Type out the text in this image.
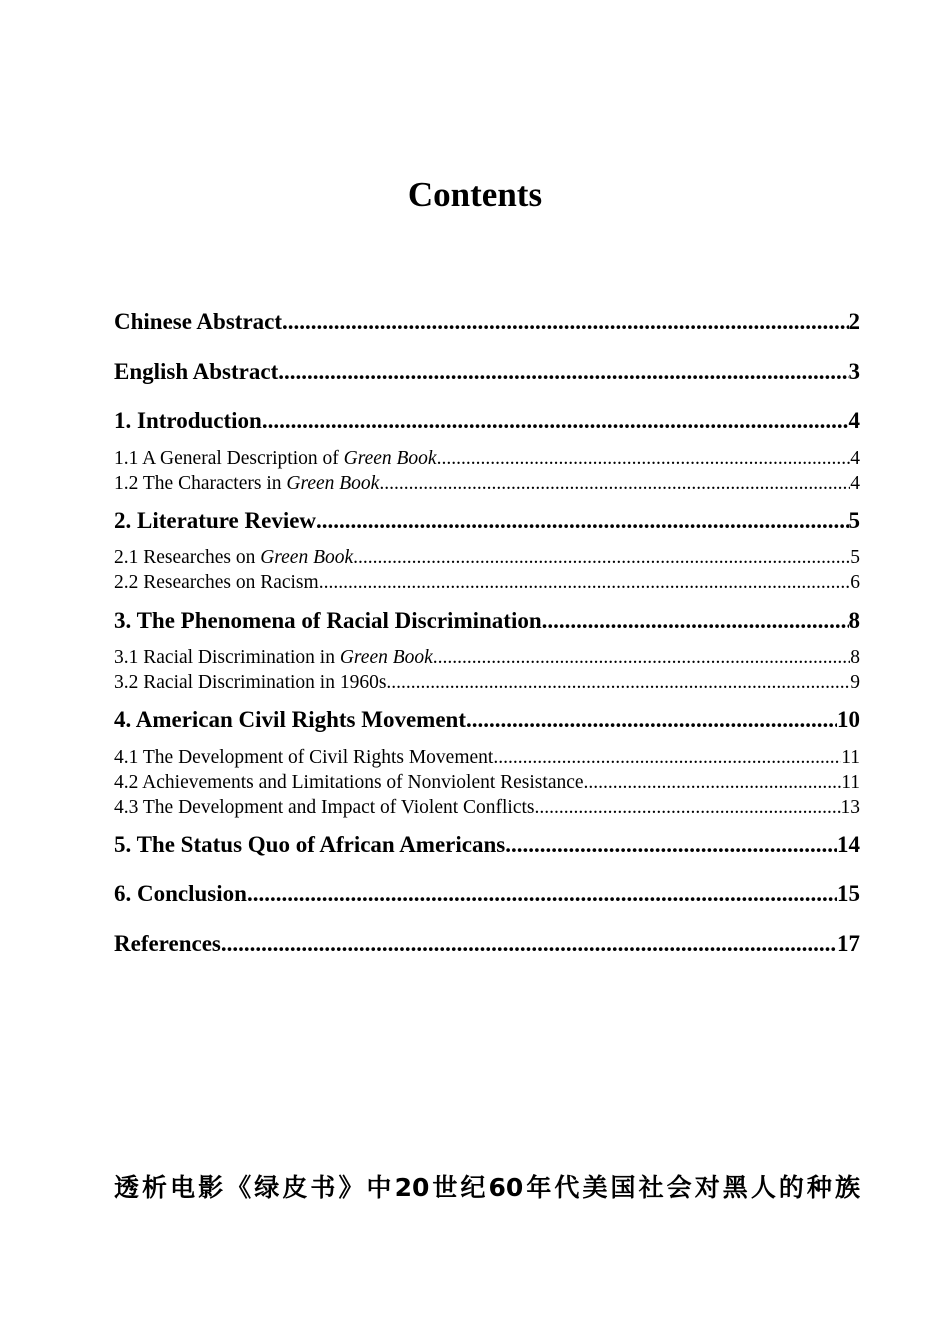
Contents
Chinese Abstract .....	2
English Abstract .....	3
1. Introduction .....	4
1.1 A General Description of Green Book .....	4
1.2 The Characters in Green Book .....	4
2. Literature Review .....	5
2.1 Researches on Green Book .....	5
2.2 Researches on Racism .....	6
3. The Phenomena of Racial Discrimination .....	8
3.1 Racial Discrimination in Green Book .....	8
3.2 Racial Discrimination in 1960s .....	9
4. American Civil Rights Movement .....	10
4.1 The Development of Civil Rights Movement .....	11
4.2 Achievements and Limitations of Nonviolent Resistance .....	11
4.3 The Development and Impact of Violent Conflicts .....	13
5. The Status Quo of African Americans .....	14
6. Conclusion .....	15
References .....	17
透析电影《绿皮书》中20世纪60年代美国社会对黑人的种族
